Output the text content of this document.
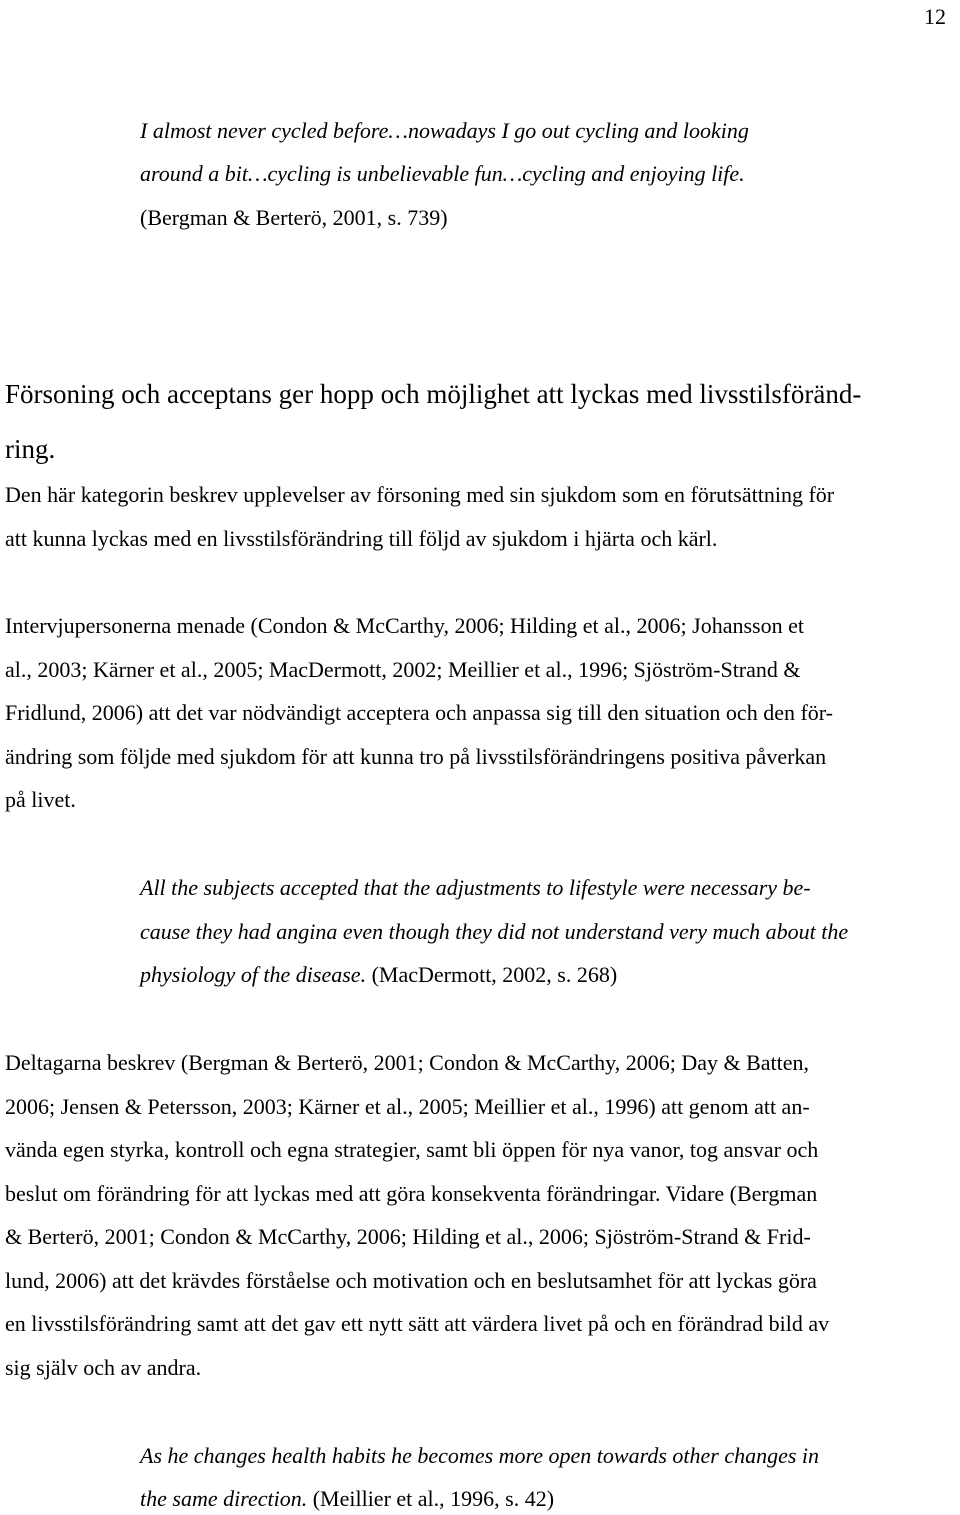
12
I almost never cycled before…nowadays I go out cycling and looking
around a bit…cycling is unbelievable fun…cycling and enjoying life.
(Bergman & Berterö, 2001, s. 739)
Försoning och acceptans ger hopp och möjlighet att lyckas med livsstilsföränd-
ring.
Den här kategorin beskrev upplevelser av försoning med sin sjukdom som en förutsättning för
att kunna lyckas med en livsstilsförändring till följd av sjukdom i hjärta och kärl.
Intervjupersonerna menade (Condon & McCarthy, 2006; Hilding et al., 2006; Johansson et
al., 2003; Kärner et al., 2005; MacDermott, 2002; Meillier et al., 1996; Sjöström-Strand &
Fridlund, 2006) att det var nödvändigt acceptera och anpassa sig till den situation och den för-
ändring som följde med sjukdom för att kunna tro på livsstilsförändringens positiva påverkan
på livet.
All the subjects accepted that the adjustments to lifestyle were necessary be-
cause they had angina even though they did not understand very much about the
physiology of the disease. (MacDermott, 2002, s. 268)
Deltagarna beskrev (Bergman & Berterö, 2001; Condon & McCarthy, 2006; Day & Batten,
2006; Jensen & Petersson, 2003; Kärner et al., 2005; Meillier et al., 1996) att genom att an-
vända egen styrka, kontroll och egna strategier, samt bli öppen för nya vanor, tog ansvar och
beslut om förändring för att lyckas med att göra konsekventa förändringar. Vidare (Bergman
& Berterö, 2001; Condon & McCarthy, 2006; Hilding et al., 2006; Sjöström-Strand & Frid-
lund, 2006) att det krävdes förståelse och motivation och en beslutsamhet för att lyckas göra
en livsstilsförändring samt att det gav ett nytt sätt att värdera livet på och en förändrad bild av
sig själv och av andra.
As he changes health habits he becomes more open towards other changes in
the same direction. (Meillier et al., 1996, s. 42)
